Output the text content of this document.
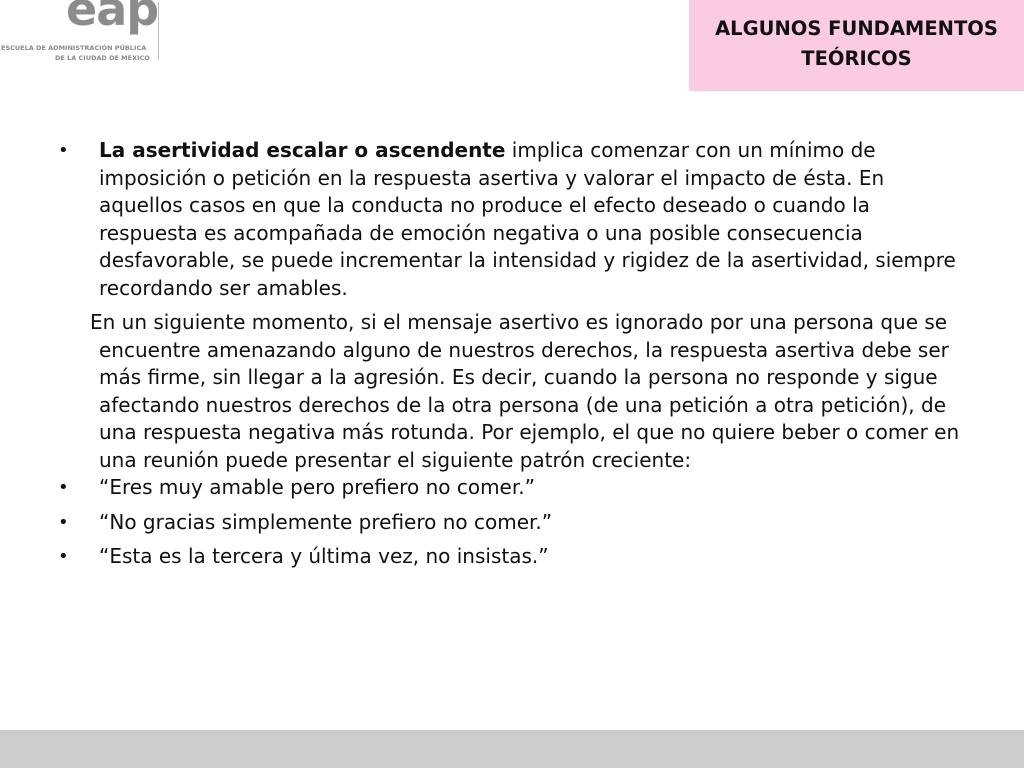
eap
ESCUELA DE ADMINISTRACIÓN PÚBLICA
DE LA CIUDAD DE MÉXICO
ALGUNOS FUNDAMENTOS
TEÓRICOS

• La asertividad escalar o ascendente implica comenzar con un mínimo de imposición o petición en la respuesta asertiva y valorar el impacto de ésta. En aquellos casos en que la conducta no produce el efecto deseado o cuando la respuesta es acompañada de emoción negativa o una posible consecuencia desfavorable, se puede incrementar la intensidad y rigidez de la asertividad, siempre recordando ser amables.

En un siguiente momento, si el mensaje asertivo es ignorado por una persona que se encuentre amenazando alguno de nuestros derechos, la respuesta asertiva debe ser más firme, sin llegar a la agresión. Es decir, cuando la persona no responde y sigue afectando nuestros derechos de la otra persona (de una petición a otra petición), de una respuesta negativa más rotunda. Por ejemplo, el que no quiere beber o comer en una reunión puede presentar el siguiente patrón creciente:

• “Eres muy amable pero prefiero no comer.”

• “No gracias simplemente prefiero no comer.”

• “Esta es la tercera y última vez, no insistas.”
